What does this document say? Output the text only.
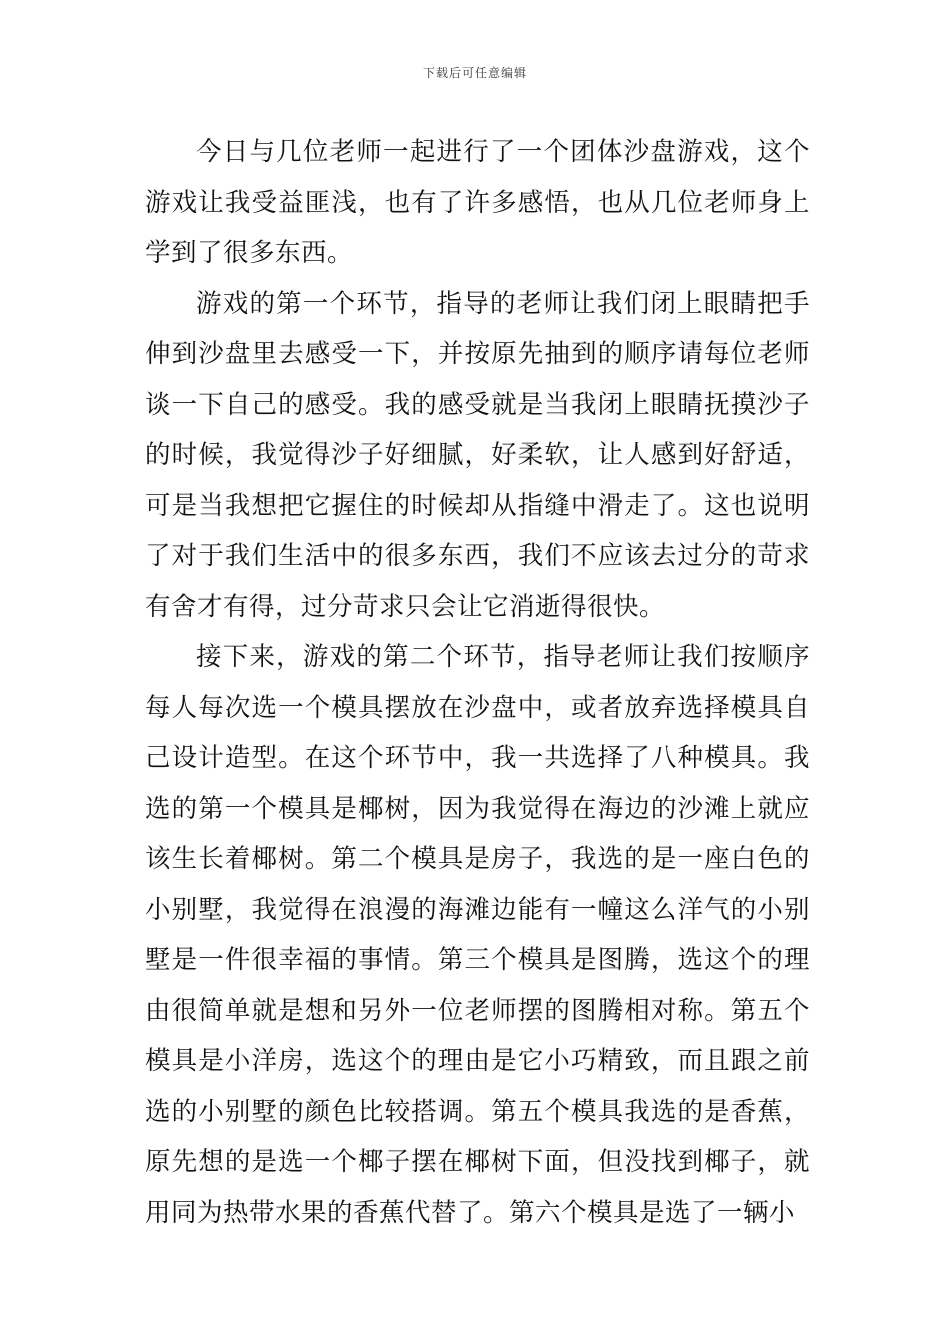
下载后可任意编辑

今日与几位老师一起进行了一个团体沙盘游戏，这个游戏让我受益匪浅，也有了许多感悟，也从几位老师身上学到了很多东西。

游戏的第一个环节，指导的老师让我们闭上眼睛把手伸到沙盘里去感受一下，并按原先抽到的顺序请每位老师谈一下自己的感受。我的感受就是当我闭上眼睛抚摸沙子的时候，我觉得沙子好细腻，好柔软，让人感到好舒适，可是当我想把它握住的时候却从指缝中滑走了。这也说明了对于我们生活中的很多东西，我们不应该去过分的苛求有舍才有得，过分苛求只会让它消逝得很快。

接下来，游戏的第二个环节，指导老师让我们按顺序每人每次选一个模具摆放在沙盘中，或者放弃选择模具自己设计造型。在这个环节中，我一共选择了八种模具。我选的第一个模具是椰树，因为我觉得在海边的沙滩上就应该生长着椰树。第二个模具是房子，我选的是一座白色的小别墅，我觉得在浪漫的海滩边能有一幢这么洋气的小别墅是一件很幸福的事情。第三个模具是图腾，选这个的理由很简单就是想和另外一位老师摆的图腾相对称。第五个模具是小洋房，选这个的理由是它小巧精致，而且跟之前选的小别墅的颜色比较搭调。第五个模具我选的是香蕉，原先想的是选一个椰子摆在椰树下面，但没找到椰子，就用同为热带水果的香蕉代替了。第六个模具是选了一辆小
